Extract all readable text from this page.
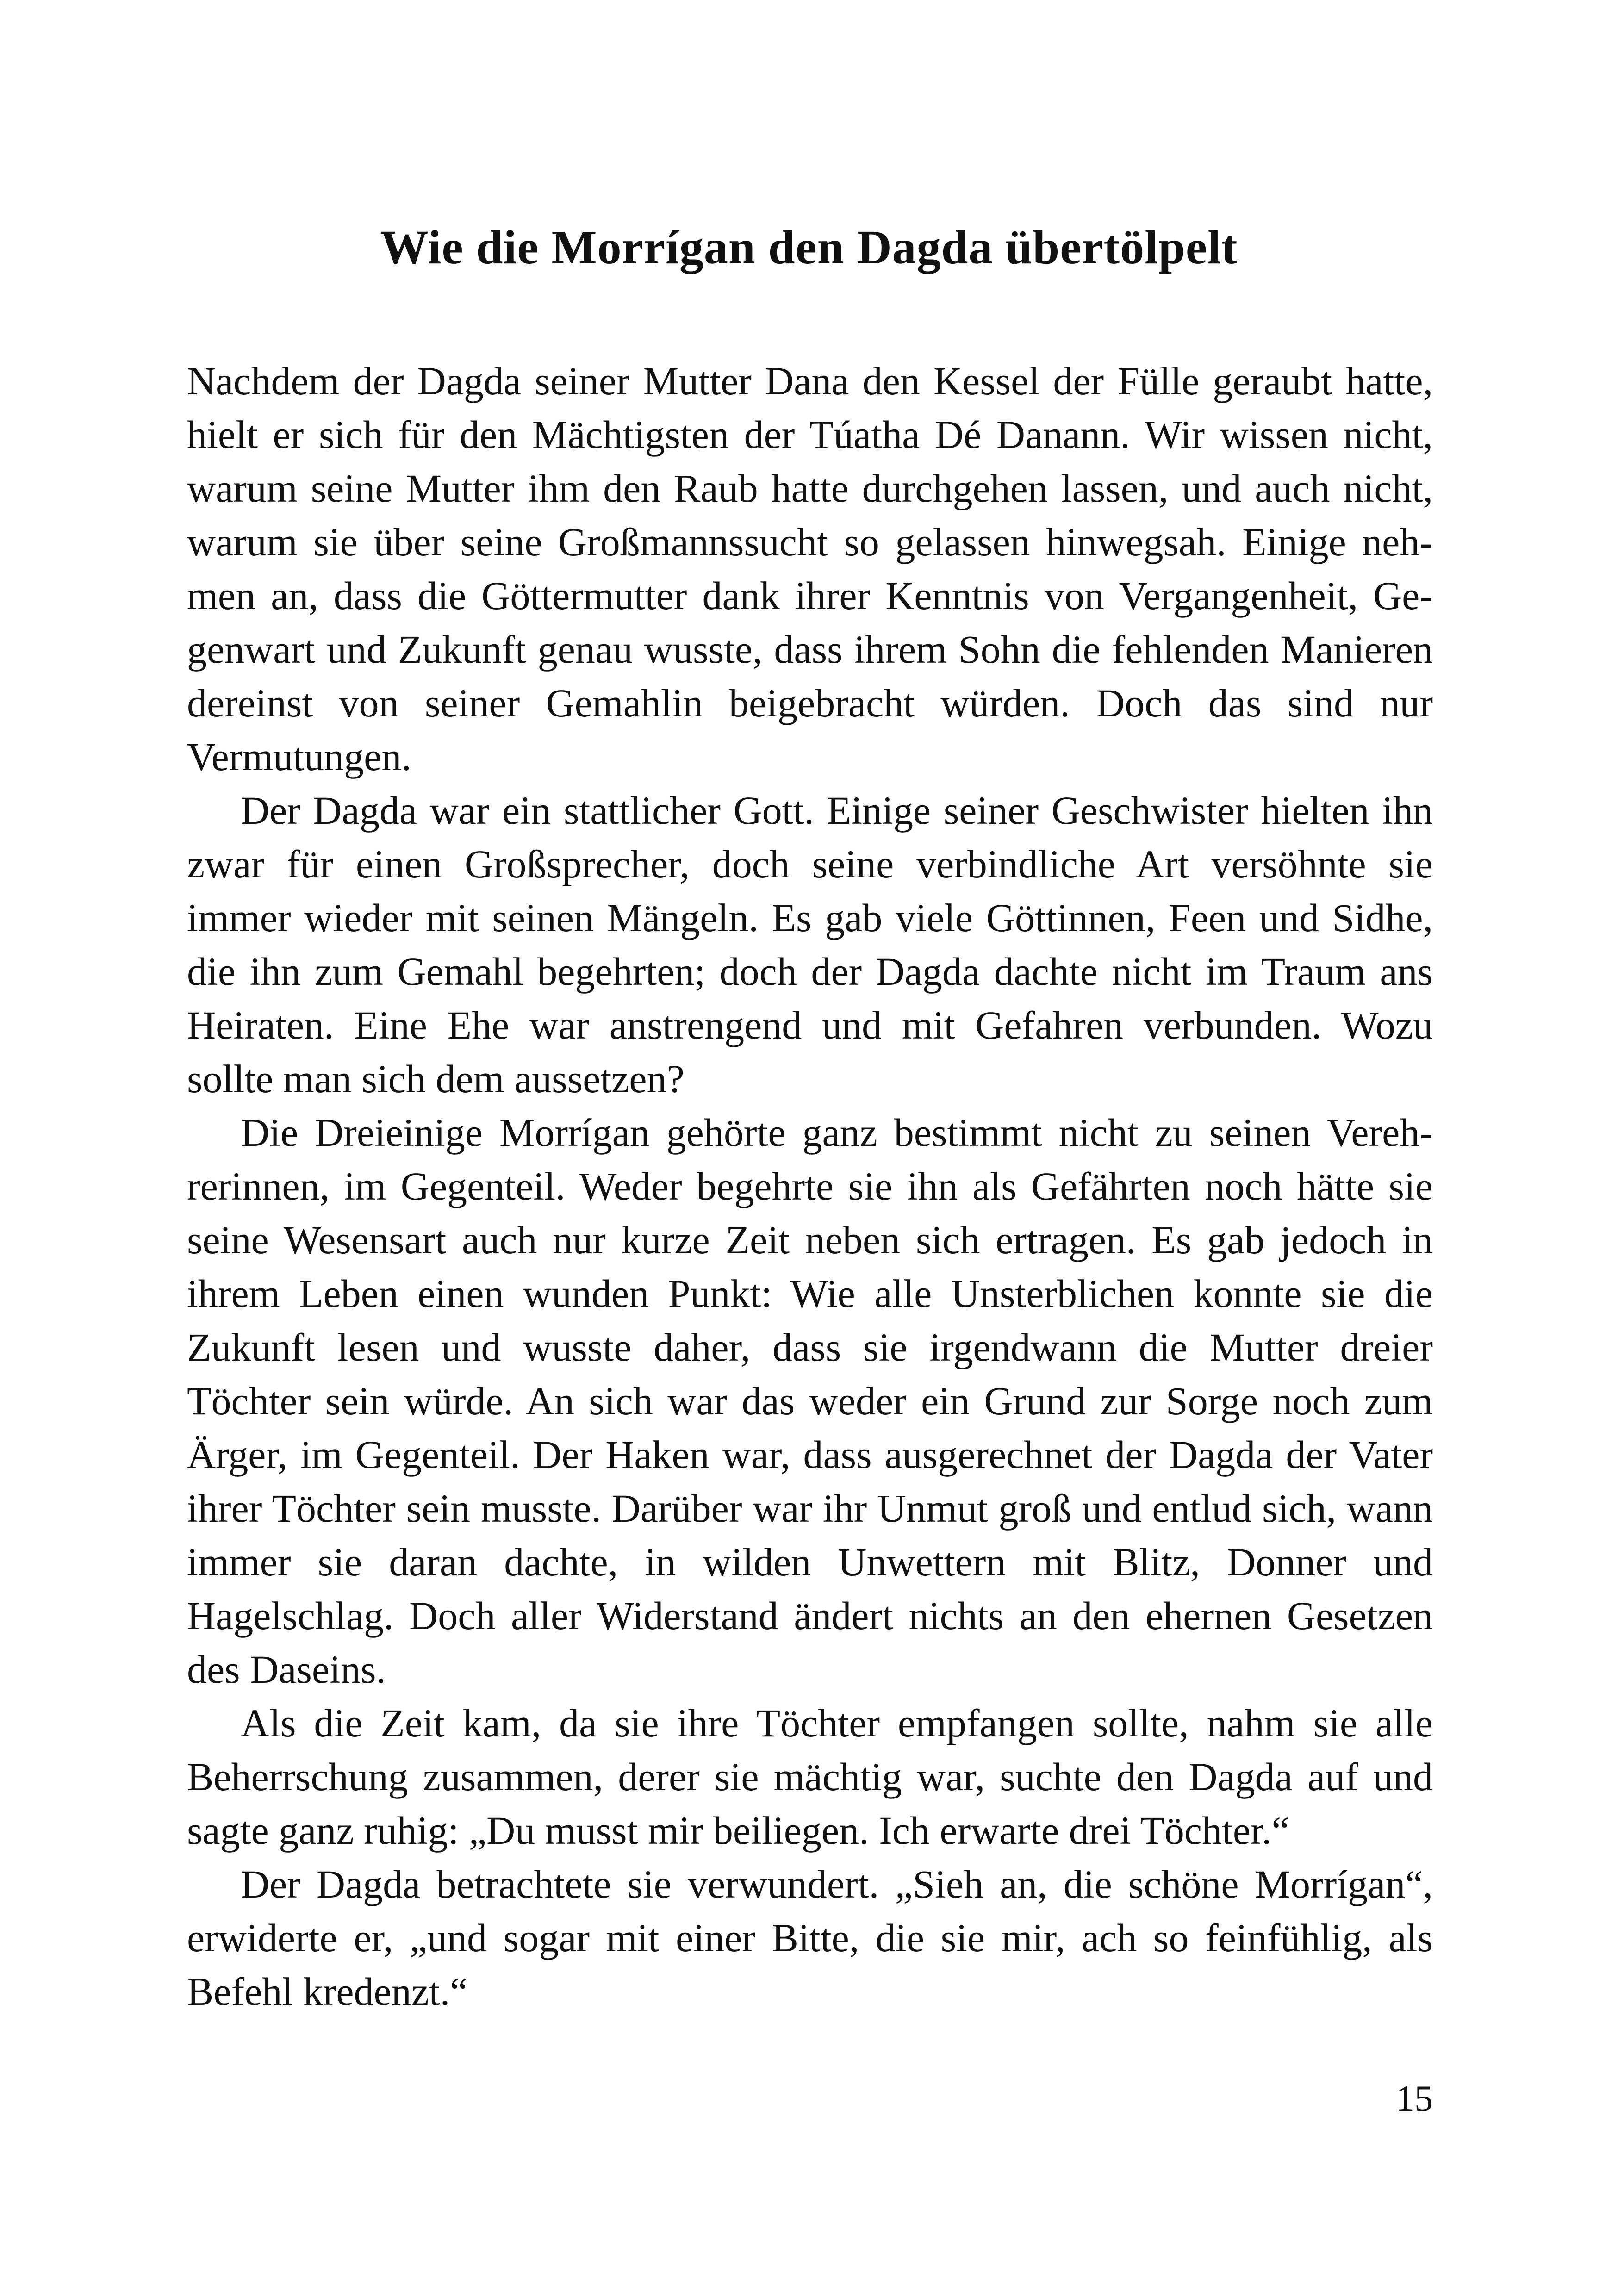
Wie die Morrígan den Dagda übertölpelt

Nachdem der Dagda seiner Mutter Dana den Kessel der Fülle geraubt hatte, hielt er sich für den Mächtigsten der Túatha Dé Danann. Wir wissen nicht, warum seine Mutter ihm den Raub hatte durchgehen lassen, und auch nicht, warum sie über seine Großmannssucht so gelassen hinwegsah. Einige nehmen an, dass die Göttermutter dank ihrer Kenntnis von Vergangenheit, Gegenwart und Zukunft genau wusste, dass ihrem Sohn die fehlenden Manieren dereinst von seiner Gemahlin beigebracht würden. Doch das sind nur Vermutungen.

Der Dagda war ein stattlicher Gott. Einige seiner Geschwister hielten ihn zwar für einen Großsprecher, doch seine verbindliche Art versöhnte sie immer wieder mit seinen Mängeln. Es gab viele Göttinnen, Feen und Sidhe, die ihn zum Gemahl begehrten; doch der Dagda dachte nicht im Traum ans Heiraten. Eine Ehe war anstrengend und mit Gefahren verbunden. Wozu sollte man sich dem aussetzen?

Die Dreieinige Morrígan gehörte ganz bestimmt nicht zu seinen Verehrerinnen, im Gegenteil. Weder begehrte sie ihn als Gefährten noch hätte sie seine Wesensart auch nur kurze Zeit neben sich ertragen. Es gab jedoch in ihrem Leben einen wunden Punkt: Wie alle Unsterblichen konnte sie die Zukunft lesen und wusste daher, dass sie irgendwann die Mutter dreier Töchter sein würde. An sich war das weder ein Grund zur Sorge noch zum Ärger, im Gegenteil. Der Haken war, dass ausgerechnet der Dagda der Vater ihrer Töchter sein musste. Darüber war ihr Unmut groß und entlud sich, wann immer sie daran dachte, in wilden Unwettern mit Blitz, Donner und Hagelschlag. Doch aller Widerstand ändert nichts an den ehernen Gesetzen des Daseins.

Als die Zeit kam, da sie ihre Töchter empfangen sollte, nahm sie alle Beherrschung zusammen, derer sie mächtig war, suchte den Dagda auf und sagte ganz ruhig: „Du musst mir beiliegen. Ich erwarte drei Töchter.“

Der Dagda betrachtete sie verwundert. „Sieh an, die schöne Morrígan“, erwiderte er, „und sogar mit einer Bitte, die sie mir, ach so feinfühlig, als Befehl kredenzt.“

15
